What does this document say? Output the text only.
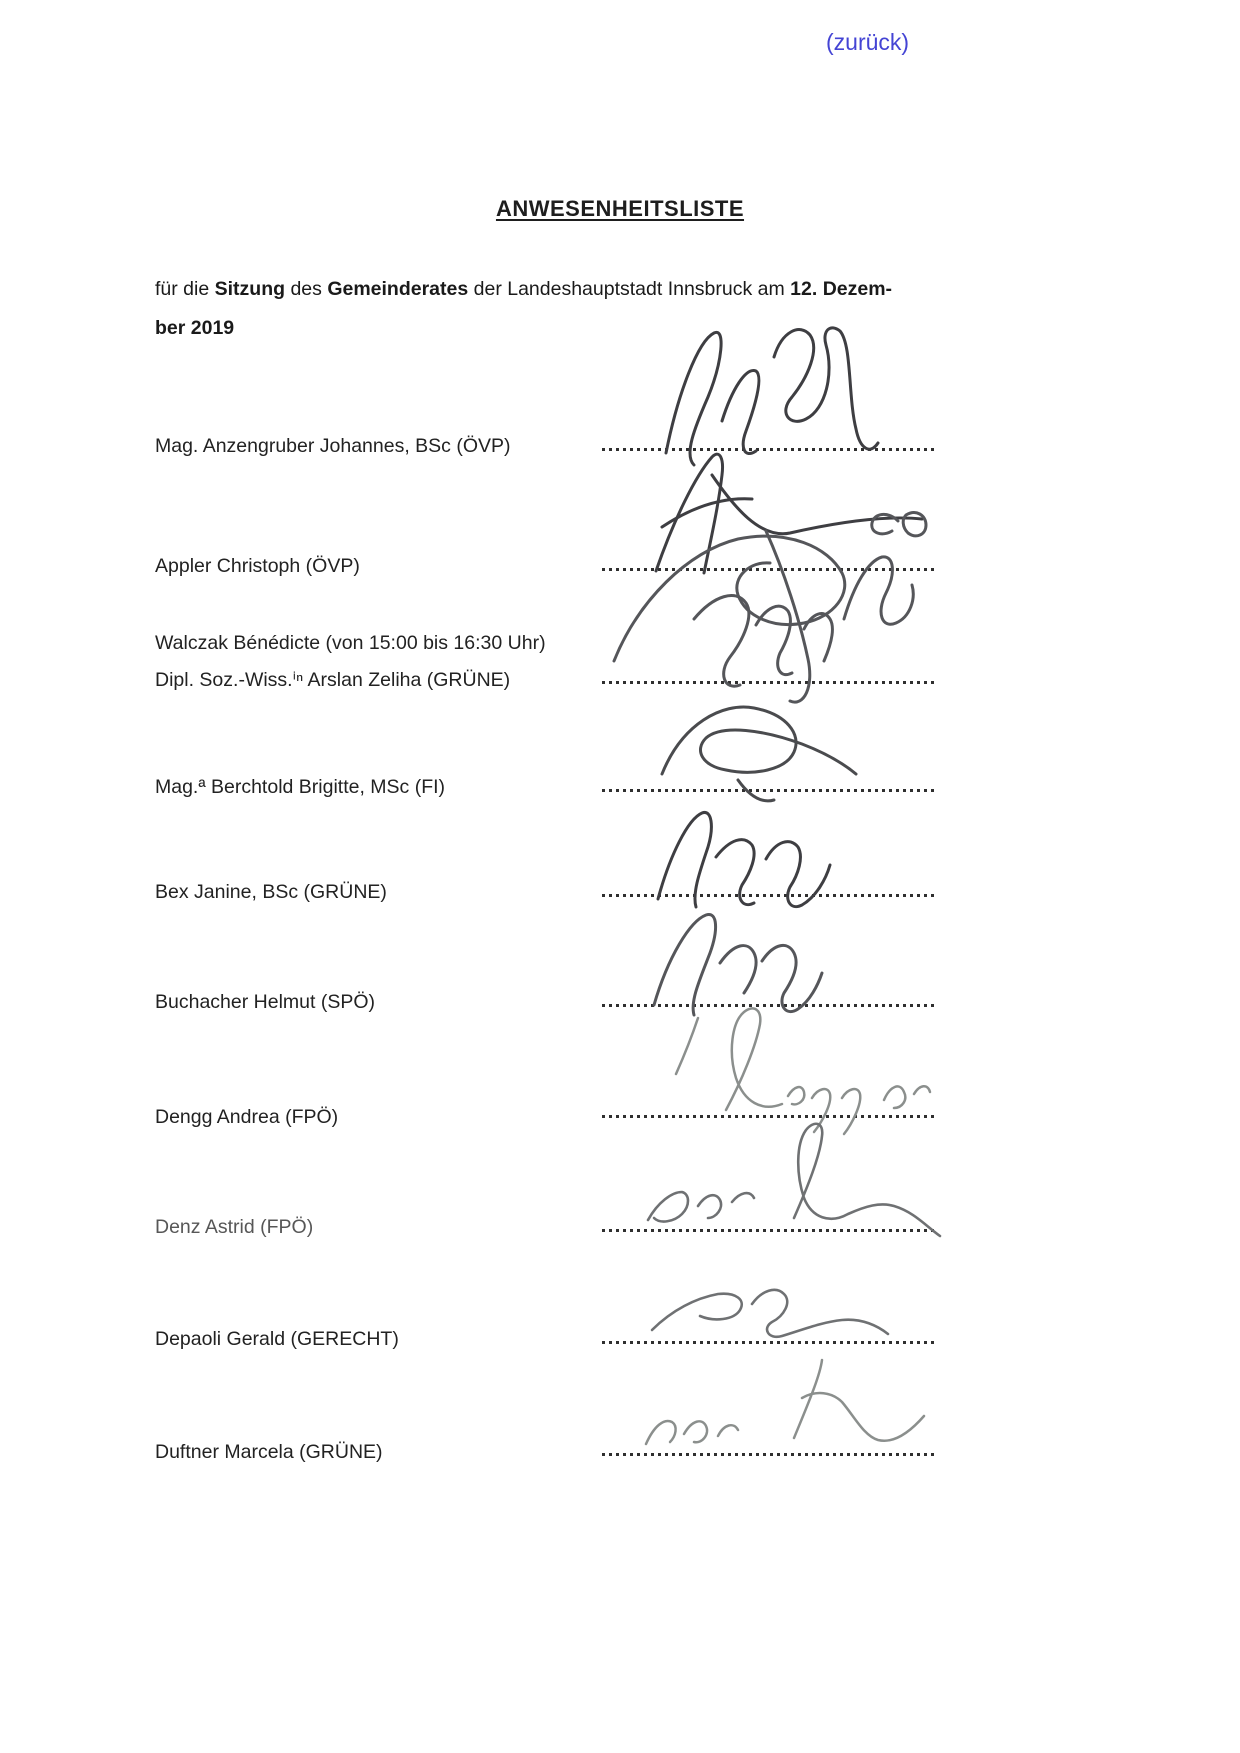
(zurück)
ANWESENHEITSLISTE

für die Sitzung des Gemeinderates der Landeshauptstadt Innsbruck am 12. Dezem-
ber 2019

Mag. Anzengruber Johannes, BSc (ÖVP)
Appler Christoph (ÖVP)
Walczak Bénédicte (von 15:00 bis 16:30 Uhr)
Dipl. Soz.-Wiss.ⁱⁿ Arslan Zeliha (GRÜNE)
Mag.ª Berchtold Brigitte, MSc (FI)
Bex Janine, BSc (GRÜNE)
Buchacher Helmut (SPÖ)
Dengg Andrea (FPÖ)
Denz Astrid (FPÖ)
Depaoli Gerald (GERECHT)
Duftner Marcela (GRÜNE)
